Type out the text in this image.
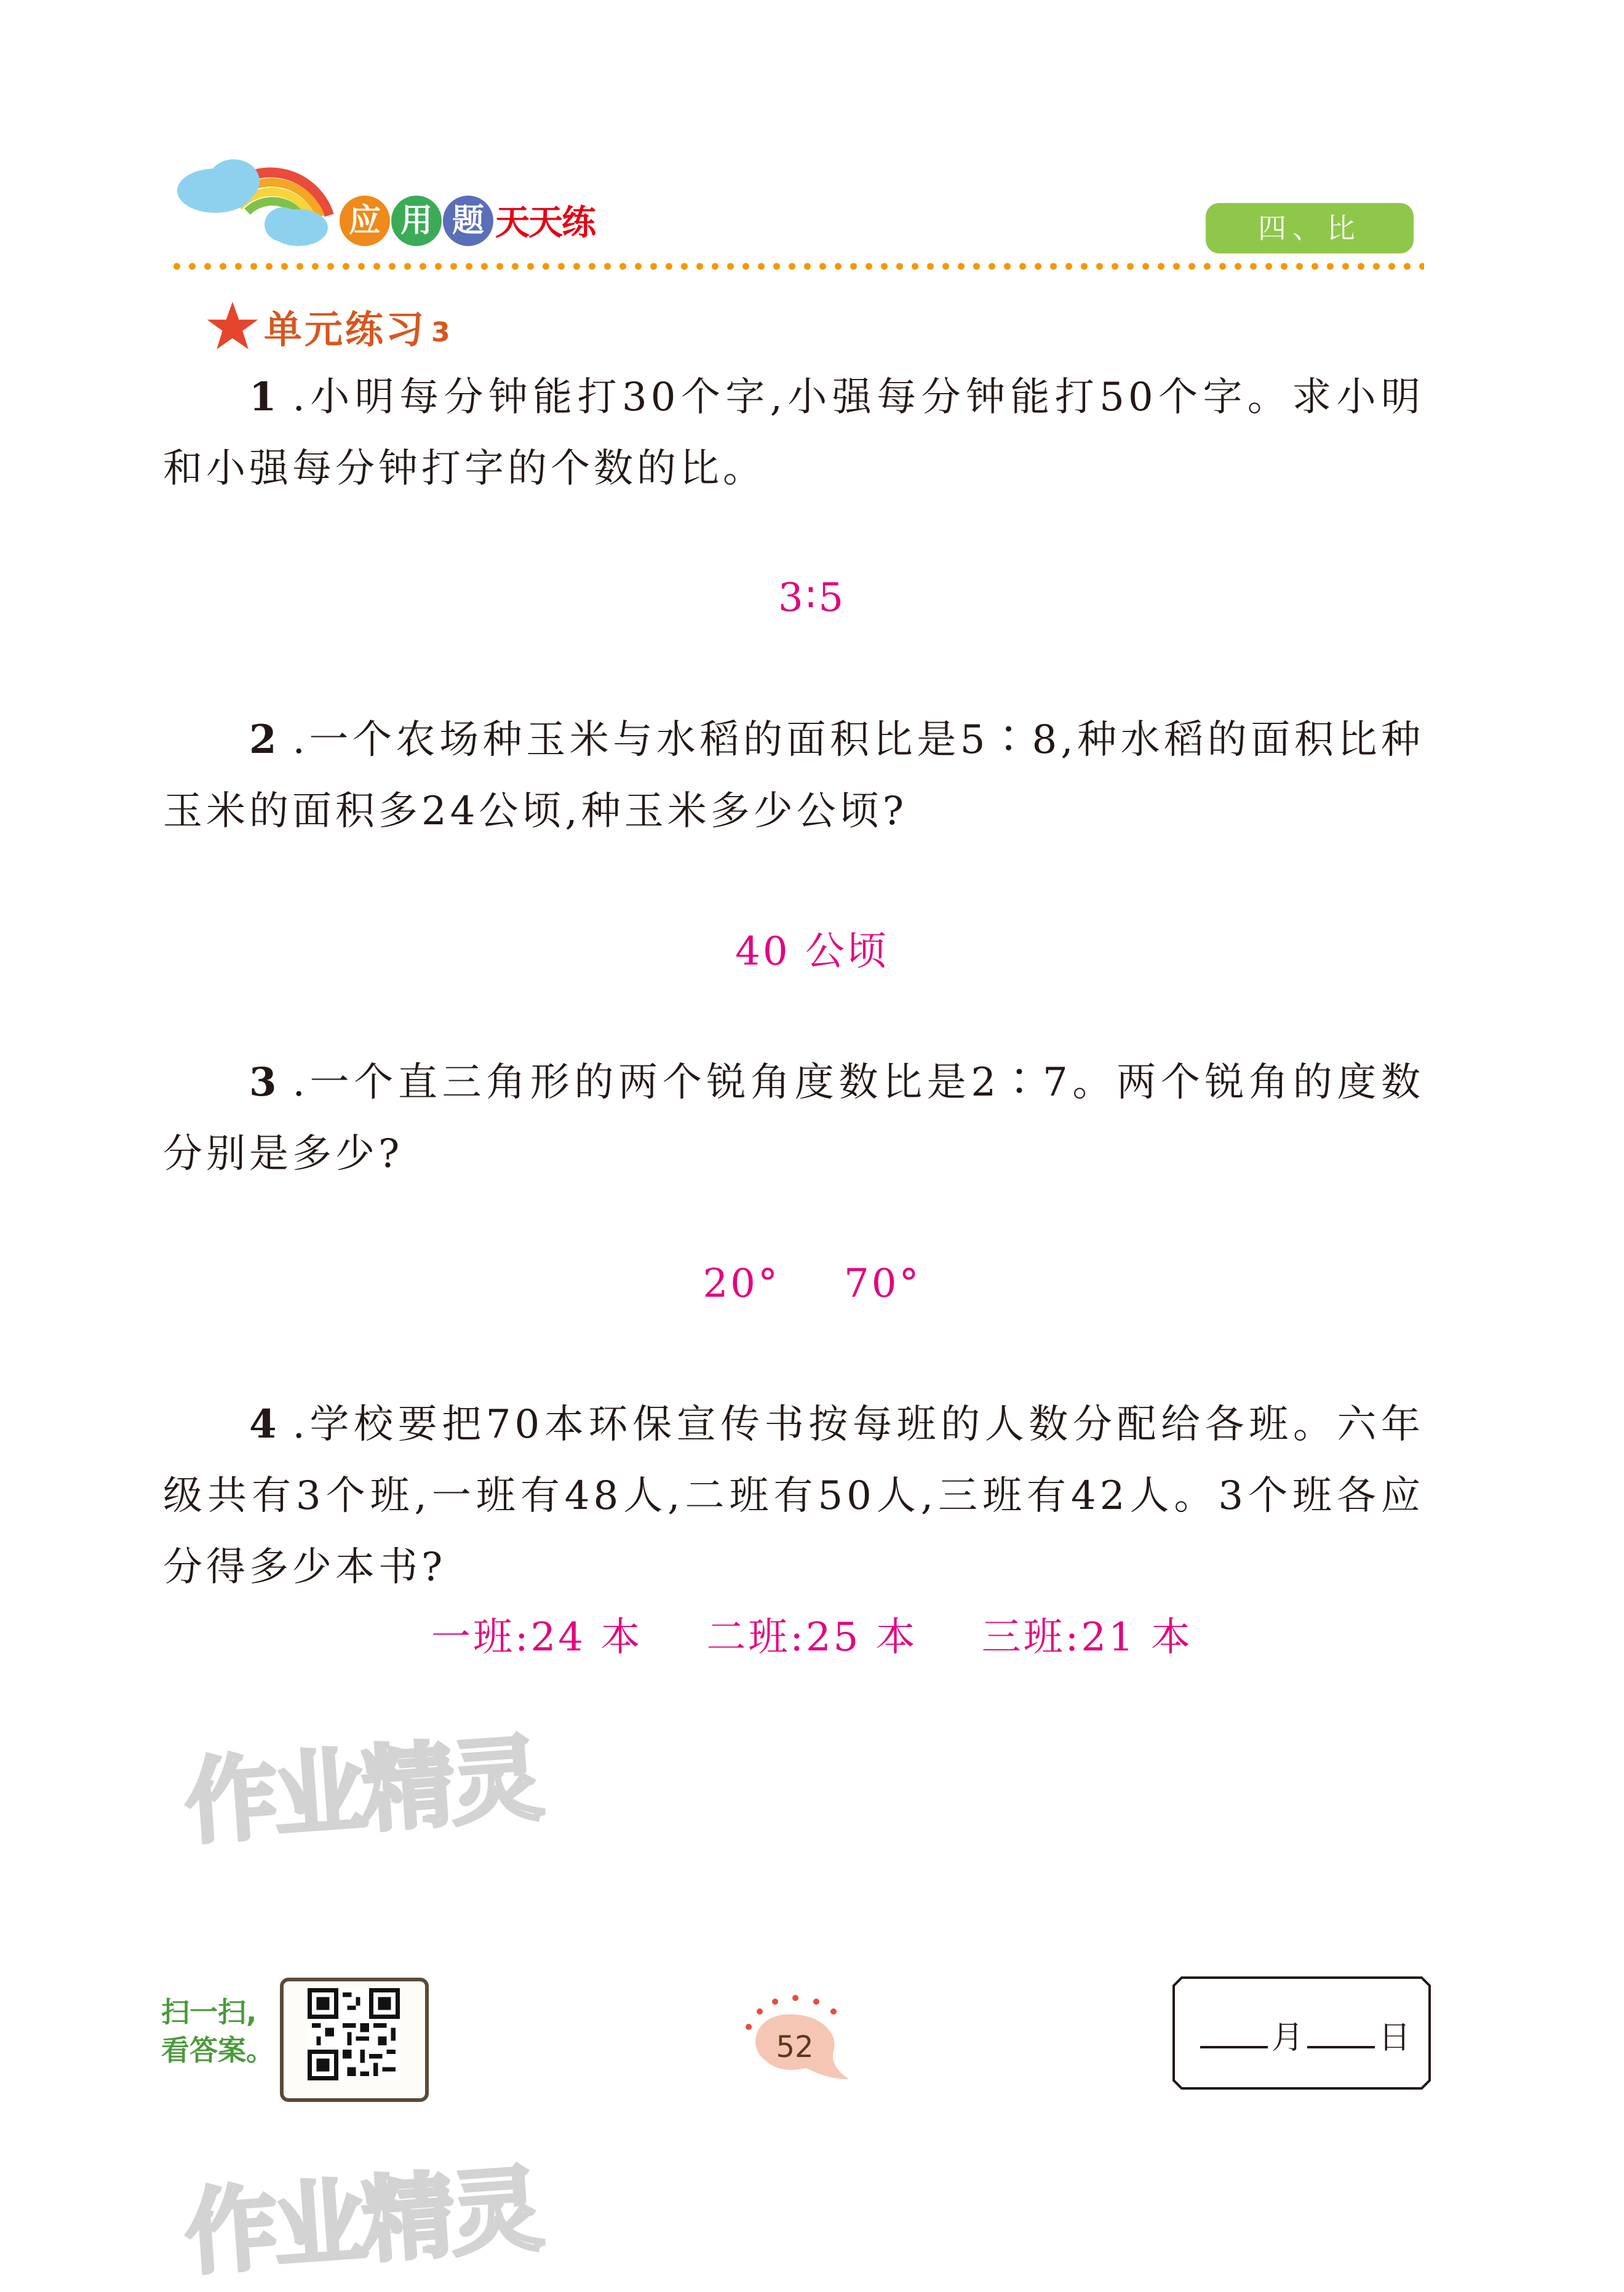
应 用 题 天天练	四、比
单元练习 3
1 .小明每分钟能打30个字,小强每分钟能打50个字。求小明和小强每分钟打字的个数的比。
3∶5
2 .一个农场种玉米与水稻的面积比是5∶8,种水稻的面积比种玉米的面积多24公顷,种玉米多少公顷?
40 公顷
3 .一个直三角形的两个锐角度数比是2∶7。两个锐角的度数分别是多少?
20° 70°
4 .学校要把70本环保宣传书按每班的人数分配给各班。六年级共有3个班,一班有48人,二班有50人,三班有42人。3个班各应分得多少本书?
一班:24 本 二班:25 本 三班:21 本
作业精灵
作业精灵
扫一扫,
看答案。	52	月 日
